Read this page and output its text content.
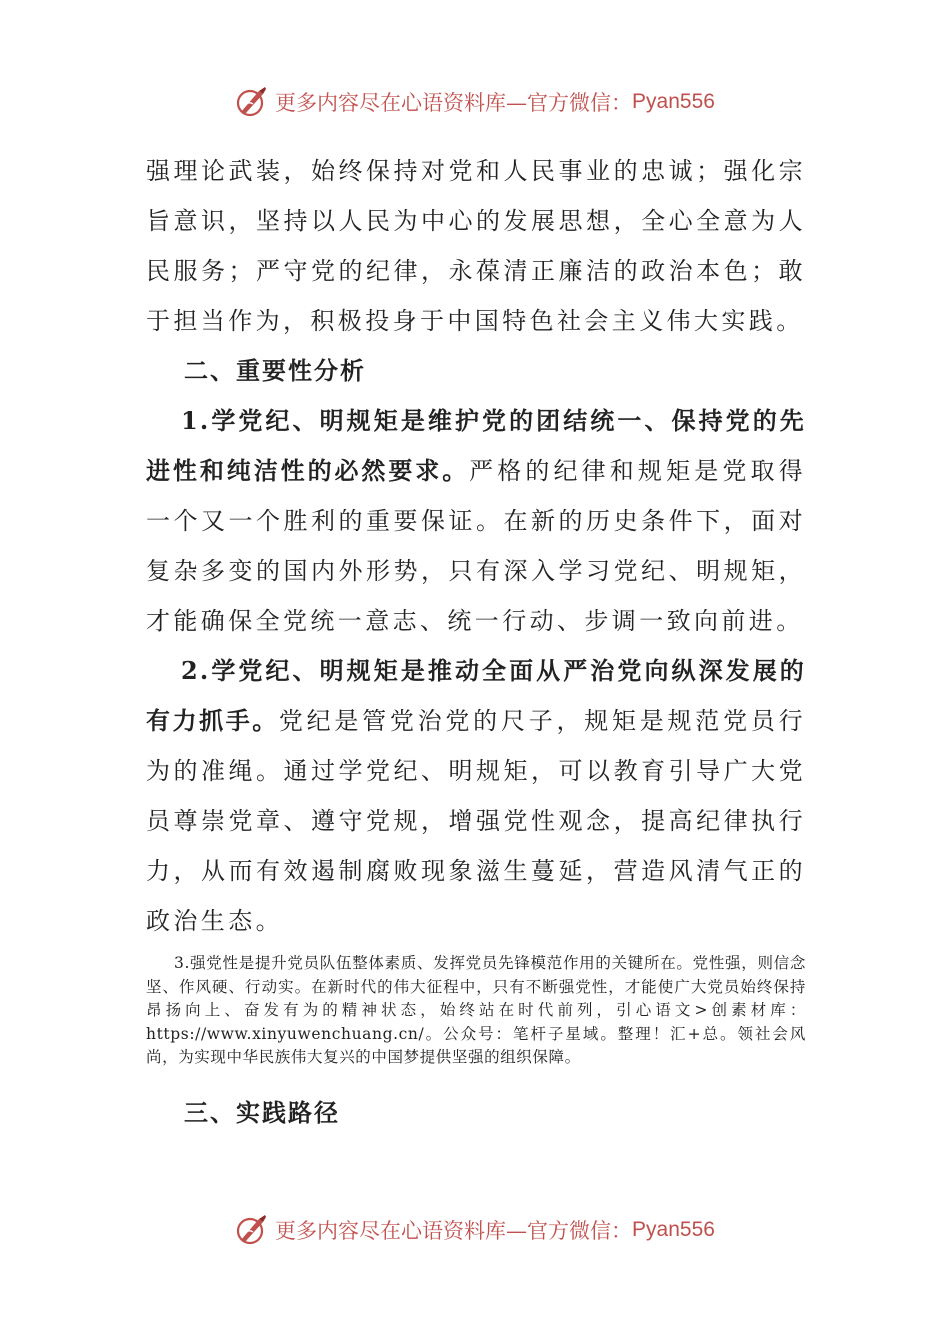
更多内容尽在心语资料库—官方微信： Pyan556

强理论武装，始终保持对党和人民事业的忠诚；强化宗旨意识，坚持以人民为中心的发展思想，全心全意为人民服务；严守党的纪律，永葆清正廉洁的政治本色；敢于担当作为，积极投身于中国特色社会主义伟大实践。

二、重要性分析

1.学党纪、明规矩是维护党的团结统一、保持党的先进性和纯洁性的必然要求。严格的纪律和规矩是党取得一个又一个胜利的重要保证。在新的历史条件下，面对复杂多变的国内外形势，只有深入学习党纪、明规矩，才能确保全党统一意志、统一行动、步调一致向前进。

2.学党纪、明规矩是推动全面从严治党向纵深发展的有力抓手。党纪是管党治党的尺子，规矩是规范党员行为的准绳。通过学党纪、明规矩，可以教育引导广大党员尊崇党章、遵守党规，增强党性观念，提高纪律执行力，从而有效遏制腐败现象滋生蔓延，营造风清气正的政治生态。

3.强党性是提升党员队伍整体素质、发挥党员先锋模范作用的关键所在。党性强，则信念坚、作风硬、行动实。在新时代的伟大征程中，只有不断强党性，才能使广大党员始终保持昂扬向上、奋发有为的精神状态，始终站在时代前列，引心语文>创素材库：https://www.xinyuwenchuang.cn/。公众号：笔杆子星域。整理！汇+总。领社会风尚，为实现中华民族伟大复兴的中国梦提供坚强的组织保障。

三、实践路径

更多内容尽在心语资料库—官方微信： Pyan556
